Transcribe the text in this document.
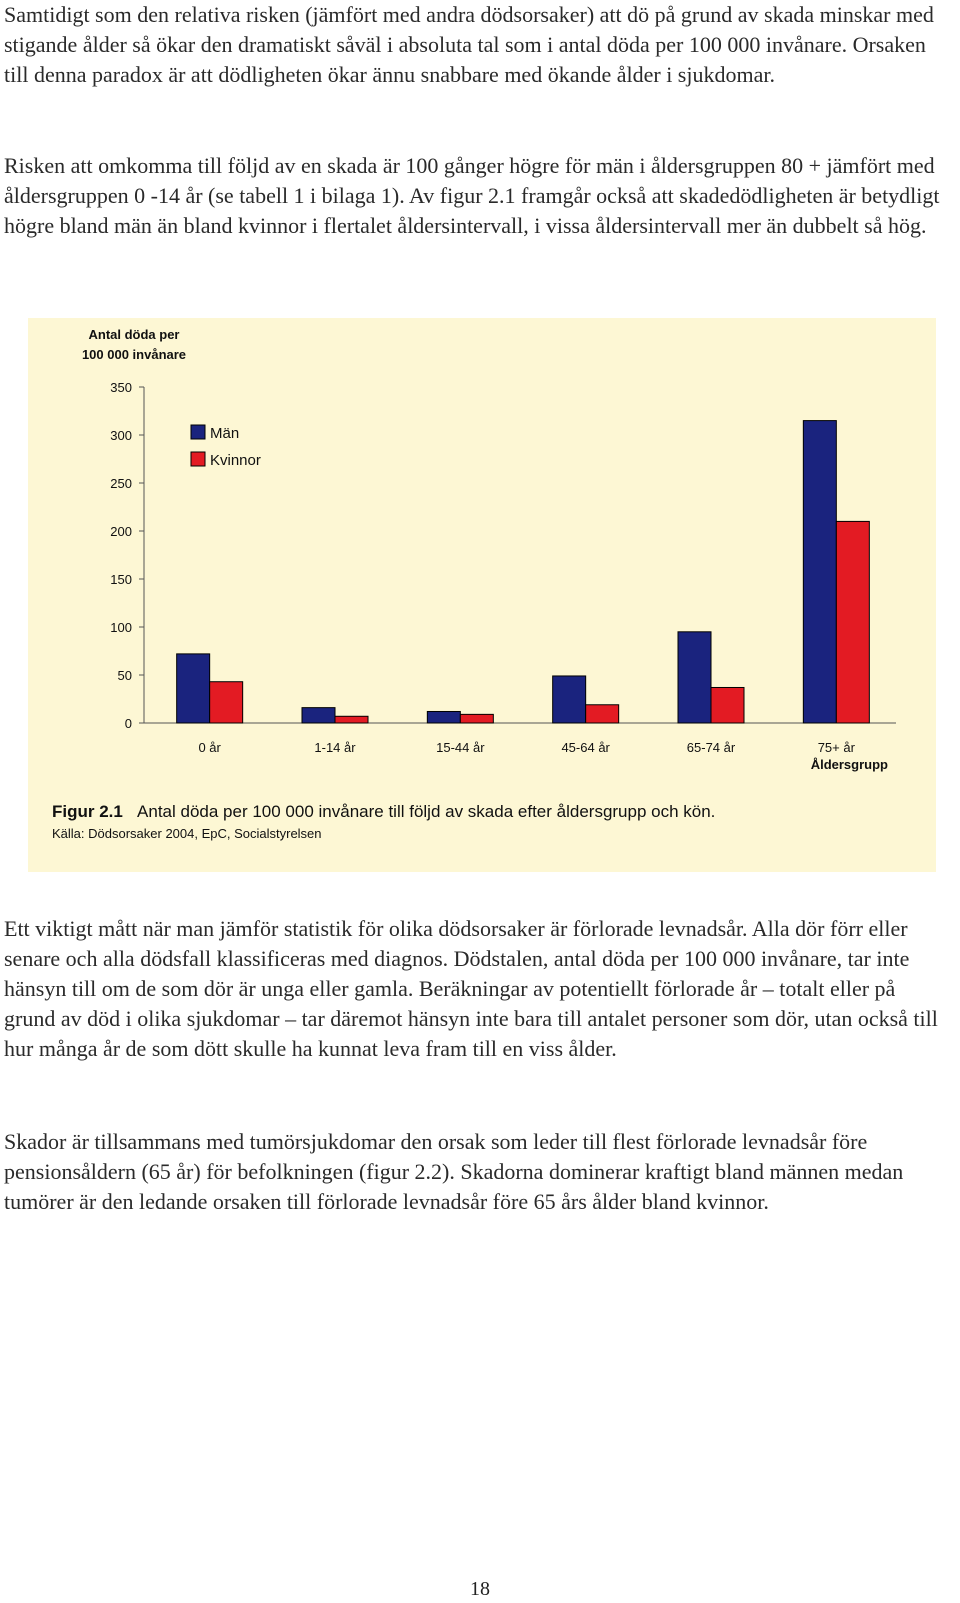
Samtidigt som den relativa risken (jämfört med andra dödsorsaker) att dö på grund av skada minskar med stigande ålder så ökar den dramatiskt såväl i absoluta tal som i antal döda per 100 000 invånare. Orsaken till denna paradox är att dödligheten ökar ännu snabbare med ökande ålder i sjukdomar.

Risken att omkomma till följd av en skada är 100 gånger högre för män i åldersgruppen 80 + jämfört med åldersgruppen 0 -14 år (se tabell 1 i bilaga 1). Av figur 2.1 framgår också att skadedödligheten är betydligt högre bland män än bland kvinnor i flertalet åldersintervall, i vissa åldersintervall mer än dubbelt så hög.

Antal döda per
100 000 invånare
0
50
100
150
200
250
300
350
0 år	1-14 år	15-44 år	45-64 år	65-74 år	75+ år
Män
Kvinnor
Åldersgrupp
Figur 2.1 Antal döda per 100 000 invånare till följd av skada efter åldersgrupp och kön.
Källa: Dödsorsaker 2004, EpC, Socialstyrelsen

Ett viktigt mått när man jämför statistik för olika dödsorsaker är förlorade levnadsår. Alla dör förr eller senare och alla dödsfall klassificeras med diagnos. Dödstalen, antal döda per 100 000 invånare, tar inte hänsyn till om de som dör är unga eller gamla. Beräkningar av potentiellt förlorade år – totalt eller på grund av död i olika sjukdomar – tar däremot hänsyn inte bara till antalet personer som dör, utan också till hur många år de som dött skulle ha kunnat leva fram till en viss ålder.

Skador är tillsammans med tumörsjukdomar den orsak som leder till flest förlorade levnadsår före pensionsåldern (65 år) för befolkningen (figur 2.2). Skadorna dominerar kraftigt bland männen medan tumörer är den ledande orsaken till förlorade levnadsår före 65 års ålder bland kvinnor.

18
